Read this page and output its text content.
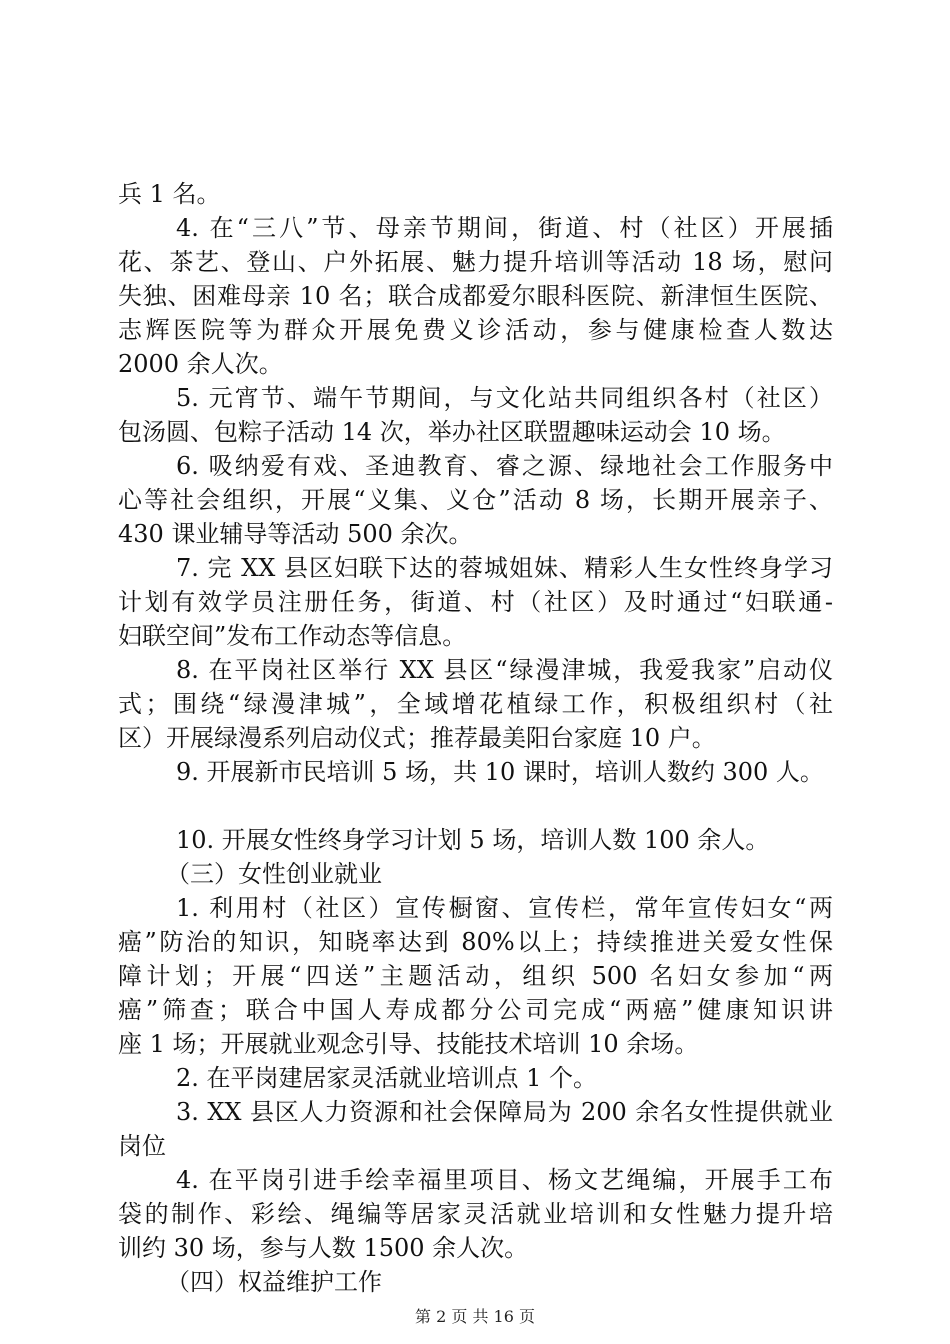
兵 1 名。
4. 在“三八”节、母亲节期间，街道、村（社区）开展插
花、茶艺、登山、户外拓展、魅力提升培训等活动 18 场，慰问
失独、困难母亲 10 名；联合成都爱尔眼科医院、新津恒生医院、
志辉医院等为群众开展免费义诊活动，参与健康检查人数达
2000 余人次。
5. 元宵节、端午节期间，与文化站共同组织各村（社区）
包汤圆、包粽子活动 14 次，举办社区联盟趣味运动会 10 场。
6. 吸纳爱有戏、圣迪教育、睿之源、绿地社会工作服务中
心等社会组织，开展“义集、义仓”活动 8 场，长期开展亲子、
430 课业辅导等活动 500 余次。
7. 完 XX 县区妇联下达的蓉城姐妹、精彩人生女性终身学习
计划有效学员注册任务，街道、村（社区）及时通过“妇联通-
妇联空间”发布工作动态等信息。
8. 在平岗社区举行 XX 县区“绿漫津城，我爱我家”启动仪
式；围绕“绿漫津城”，全域增花植绿工作，积极组织村（社
区）开展绿漫系列启动仪式；推荐最美阳台家庭 10 户。
9. 开展新市民培训 5 场，共 10 课时，培训人数约 300 人。
10. 开展女性终身学习计划 5 场，培训人数 100 余人。
（三）女性创业就业
1. 利用村（社区）宣传橱窗、宣传栏，常年宣传妇女“两
癌”防治的知识，知晓率达到 80%以上；持续推进关爱女性保
障计划；开展“四送”主题活动，组织 500 名妇女参加“两
癌”筛查；联合中国人寿成都分公司完成“两癌”健康知识讲
座 1 场；开展就业观念引导、技能技术培训 10 余场。
2. 在平岗建居家灵活就业培训点 1 个。
3. XX 县区人力资源和社会保障局为 200 余名女性提供就业
岗位
4. 在平岗引进手绘幸福里项目、杨文艺绳编，开展手工布
袋的制作、彩绘、绳编等居家灵活就业培训和女性魅力提升培
训约 30 场，参与人数 1500 余人次。
（四）权益维护工作
第 2 页 共 16 页
